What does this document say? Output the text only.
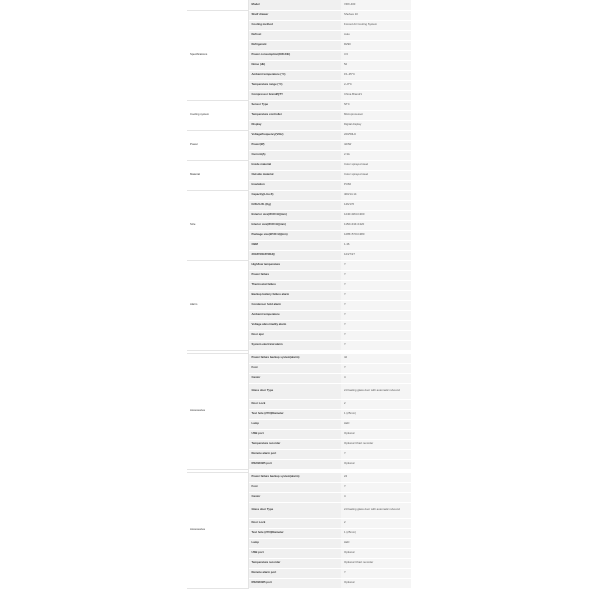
	Model	VRX-400
Specifications	Shelf drawer	Shelves 10
	Cooling method	Forced Air Cooling System
	Defrost	Auto
	Refrigerant	R290
	Power consumption(KW.24h)	3.6
	Noise (db)	52
	Ambient temperature (°C)	15~35°C
	Temperature range (°C)	2~8°C
	Compressor brand/QTY	China Brand/1
Cooling system	Sensor Type	NTC
	Temperature controller	Microprocessor
	Display	Digital display
Power	Voltage/frequency(V/Hz)	220/50Hz
	Power(W)	423W
	Current(A)	2.3A
Material	Inside material	Color sprayed steel
	Outside material	Color sprayed steel
	Insulation	PU60
Size	Capacity(L/cu.ft)	400/14.14
	N.W./G.W. (Kg)	146/176
	Exterior size(W×D×H)(mm)	1240×484×1900
	Interior size(W×D×H)(mm)	1150×434×1320
	Package size(W×D×H)(mm)	1285×570×1980
	CBM	1.46
	20GP/40GP/40HQ	12/27/27
Alarm	High/low temperature	Y
	Power failure	Y
	Thermostat failure	Y
	Backup battery failure alarm	Y
	Condenser hold alarm	Y
	Ambient temperature	Y
	Voltage abnormality alarm	Y
	Door ajar	Y
	System electrical alarm	Y

Accessories	Power failure backup system(alarm)	42
	Foot	Y
	Castor	4
	Glass door Type	2-Floating glass door with automatic rebound
	Door Lock	2
	Test hole (27/3)Diameter	1 (25mm)
	Lamp	LED
	USB port	Optional
	Temperature recorder	Optional Chart recorder
	Remote alarm port	Y
	RS232/485 port	Optional

Accessories	Power failure backup system(alarm)	24
	Foot	Y
	Castor	4
	Glass door Type	2-Floating glass door with automatic rebound
	Door Lock	2
	Test hole (27/3)Diameter	1 (25mm)
	Lamp	LED
	USB port	Optional
	Temperature recorder	Optional Chart recorder
	Remote alarm port	Y
	RS232/485 port	Optional
